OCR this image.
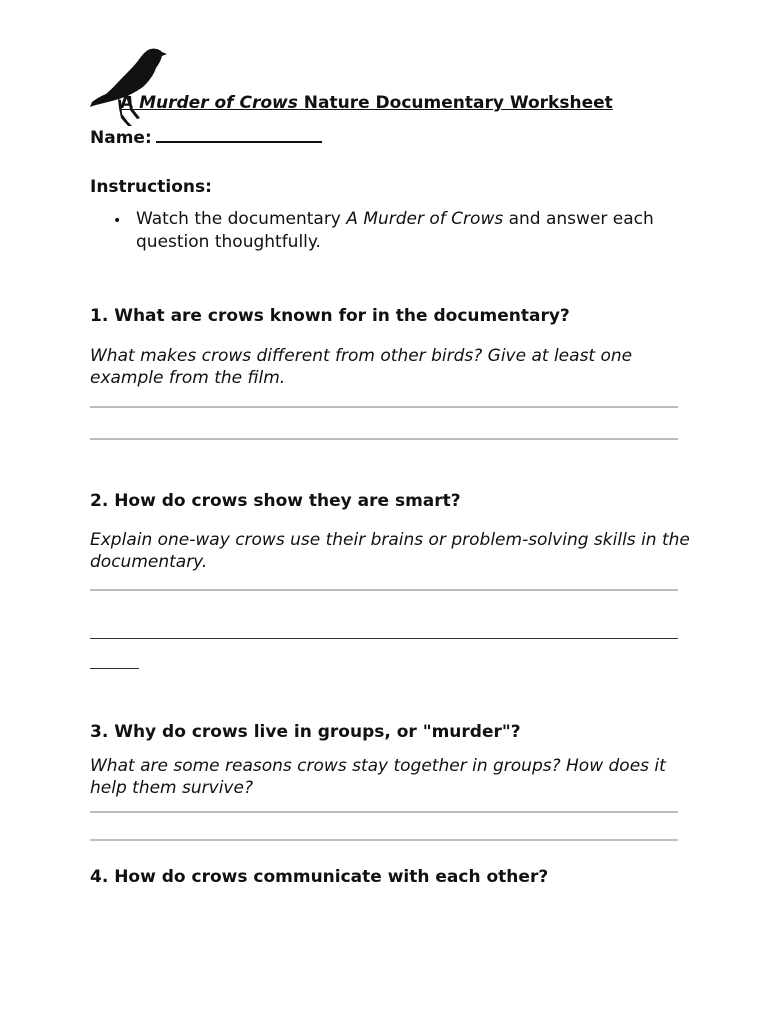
A Murder of Crows Nature Documentary Worksheet
Name:
Instructions:
• Watch the documentary A Murder of Crows and answer each question thoughtfully.
1. What are crows known for in the documentary?
What makes crows different from other birds? Give at least one example from the film.
2. How do crows show they are smart?
Explain one-way crows use their brains or problem-solving skills in the documentary.
3. Why do crows live in groups, or "murder"?
What are some reasons crows stay together in groups? How does it help them survive?
4. How do crows communicate with each other?
